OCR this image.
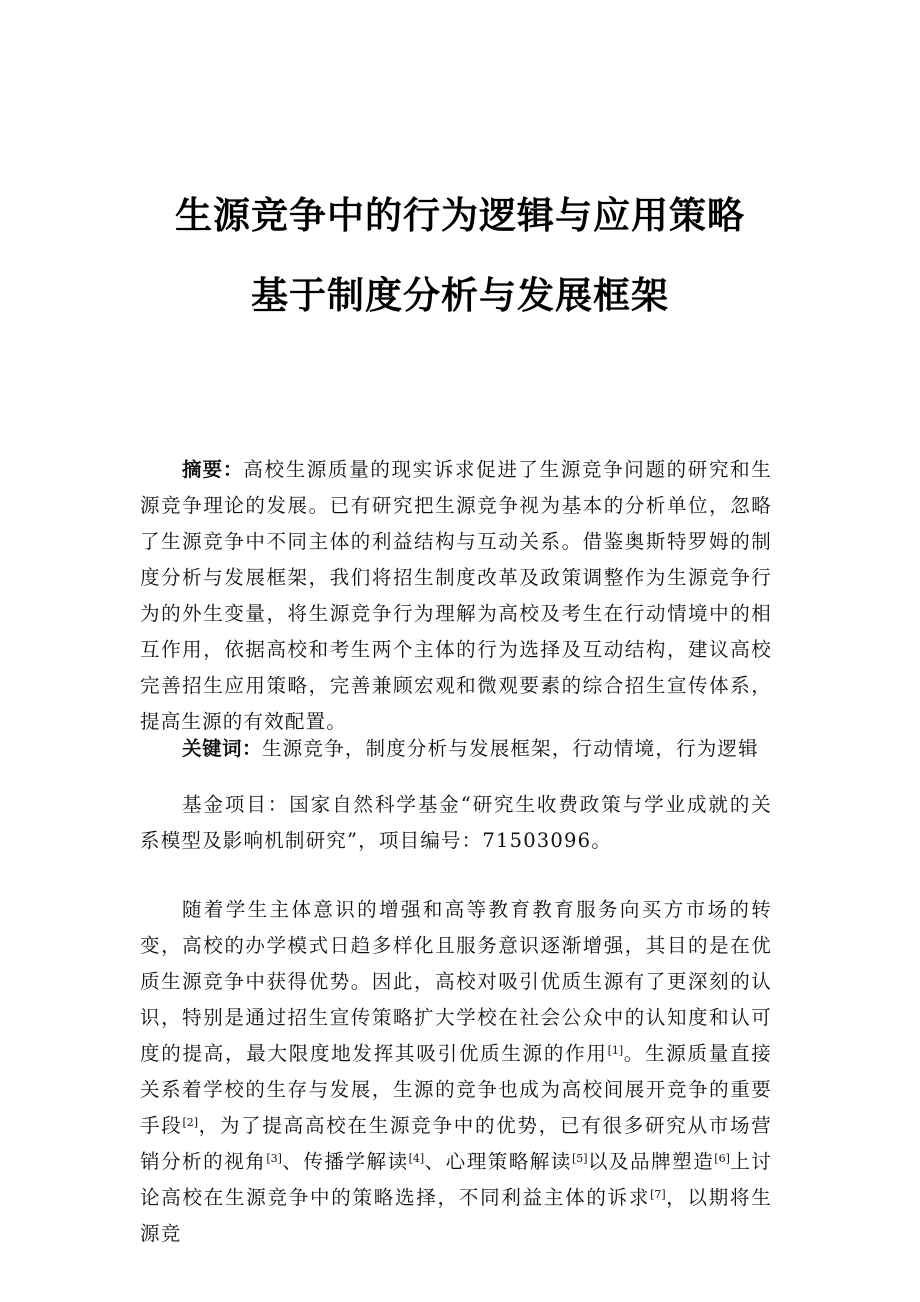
生源竞争中的行为逻辑与应用策略
基于制度分析与发展框架

摘要：高校生源质量的现实诉求促进了生源竞争问题的研究和生源竞争理论的发展。已有研究把生源竞争视为基本的分析单位，忽略了生源竞争中不同主体的利益结构与互动关系。借鉴奥斯特罗姆的制度分析与发展框架，我们将招生制度改革及政策调整作为生源竞争行为的外生变量，将生源竞争行为理解为高校及考生在行动情境中的相互作用，依据高校和考生两个主体的行为选择及互动结构，建议高校完善招生应用策略，完善兼顾宏观和微观要素的综合招生宣传体系，提高生源的有效配置。

关键词：生源竞争，制度分析与发展框架，行动情境，行为逻辑

基金项目：国家自然科学基金“研究生收费政策与学业成就的关系模型及影响机制研究”，项目编号：71503096。

随着学生主体意识的增强和高等教育教育服务向买方市场的转变，高校的办学模式日趋多样化且服务意识逐渐增强，其目的是在优质生源竞争中获得优势。因此，高校对吸引优质生源有了更深刻的认识，特别是通过招生宣传策略扩大学校在社会公众中的认知度和认可度的提高，最大限度地发挥其吸引优质生源的作用[1]。生源质量直接关系着学校的生存与发展，生源的竞争也成为高校间展开竞争的重要手段[2]，为了提高高校在生源竞争中的优势，已有很多研究从市场营销分析的视角[3]、传播学解读[4]、心理策略解读[5]以及品牌塑造[6]上讨论高校在生源竞争中的策略选择，不同利益主体的诉求[7]，以期将生源竞
